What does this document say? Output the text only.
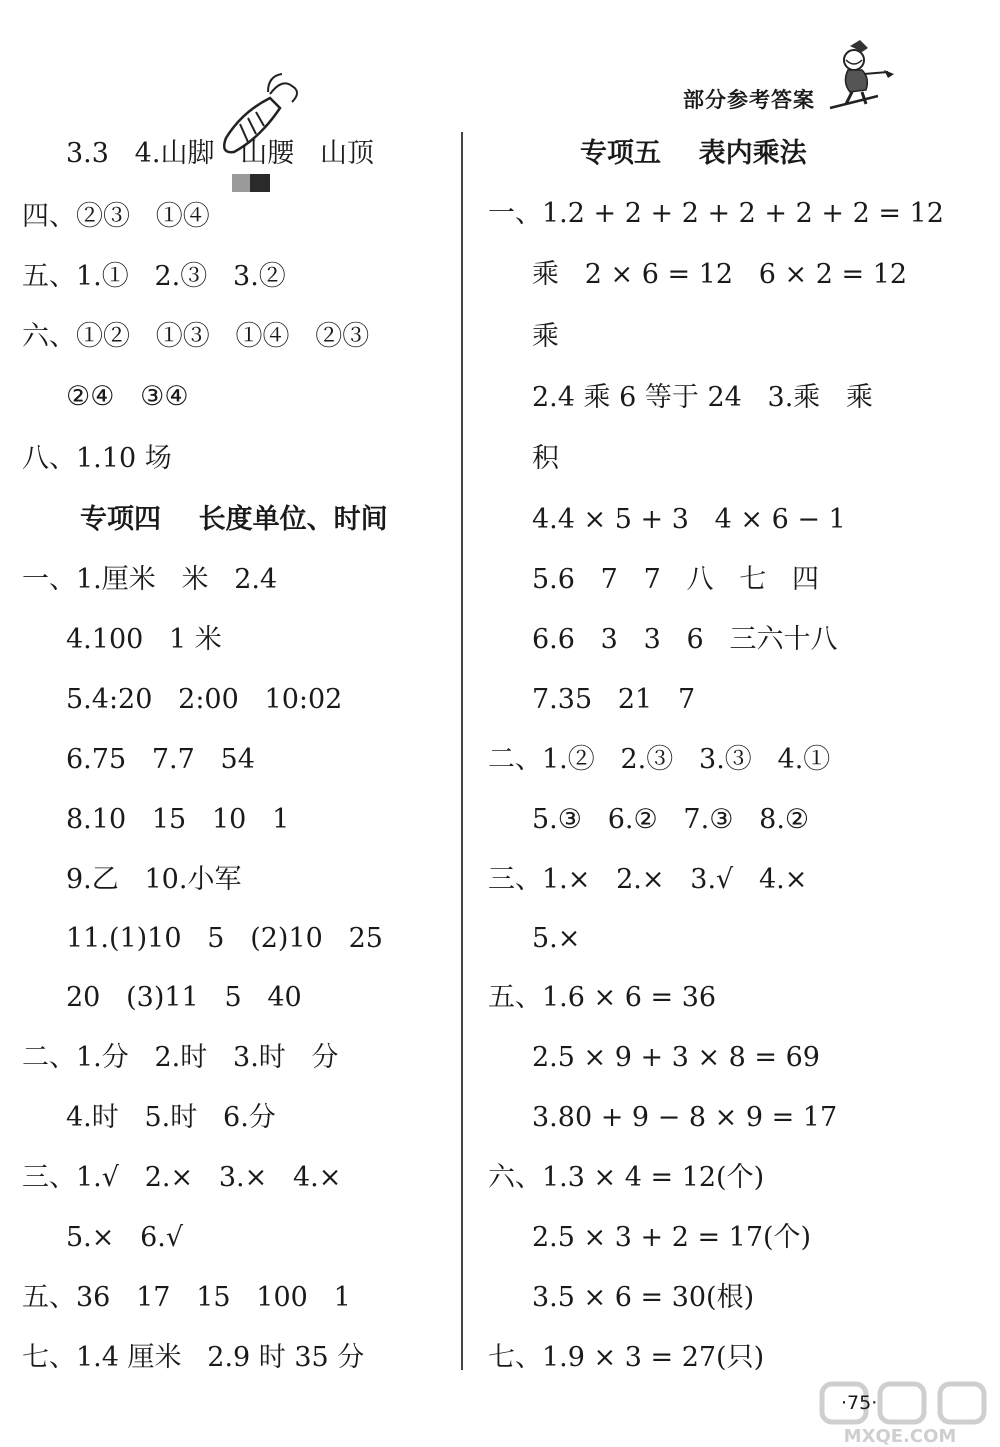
部分参考答案
3.3   4.山脚   山腰   山顶
四、②③   ①④
五、1.①   2.③   3.②
六、①②   ①③   ①④   ②③
②④   ③④
八、1.10 场
专项四    长度单位、时间
一、1.厘米   米   2.4
4.100   1 米
5.4:20   2:00   10:02
6.75   7.7   54
8.10   15   10   1
9.乙   10.小军
11.(1)10   5   (2)10   25
20   (3)11   5   40
二、1.分   2.时   3.时   分
4.时   5.时   6.分
三、1.√   2.×   3.×   4.×
5.×   6.√
五、36   17   15   100   1
七、1.4 厘米   2.9 时 35 分
专项五    表内乘法
一、1.2 + 2 + 2 + 2 + 2 + 2 = 12
乘   2 × 6 = 12   6 × 2 = 12
乘
2.4 乘 6 等于 24   3.乘   乘
积
4.4 × 5 + 3   4 × 6 − 1
5.6   7   7   八   七   四
6.6   3   3   6   三六十八
7.35   21   7
二、1.②   2.③   3.③   4.①
5.③   6.②   7.③   8.②
三、1.×   2.×   3.√   4.×
5.×
五、1.6 × 6 = 36
2.5 × 9 + 3 × 8 = 69
3.80 + 9 − 8 × 9 = 17
六、1.3 × 4 = 12(个)
2.5 × 3 + 2 = 17(个)
3.5 × 6 = 30(根)
七、1.9 × 3 = 27(只)
MXQE.COM
·75·
